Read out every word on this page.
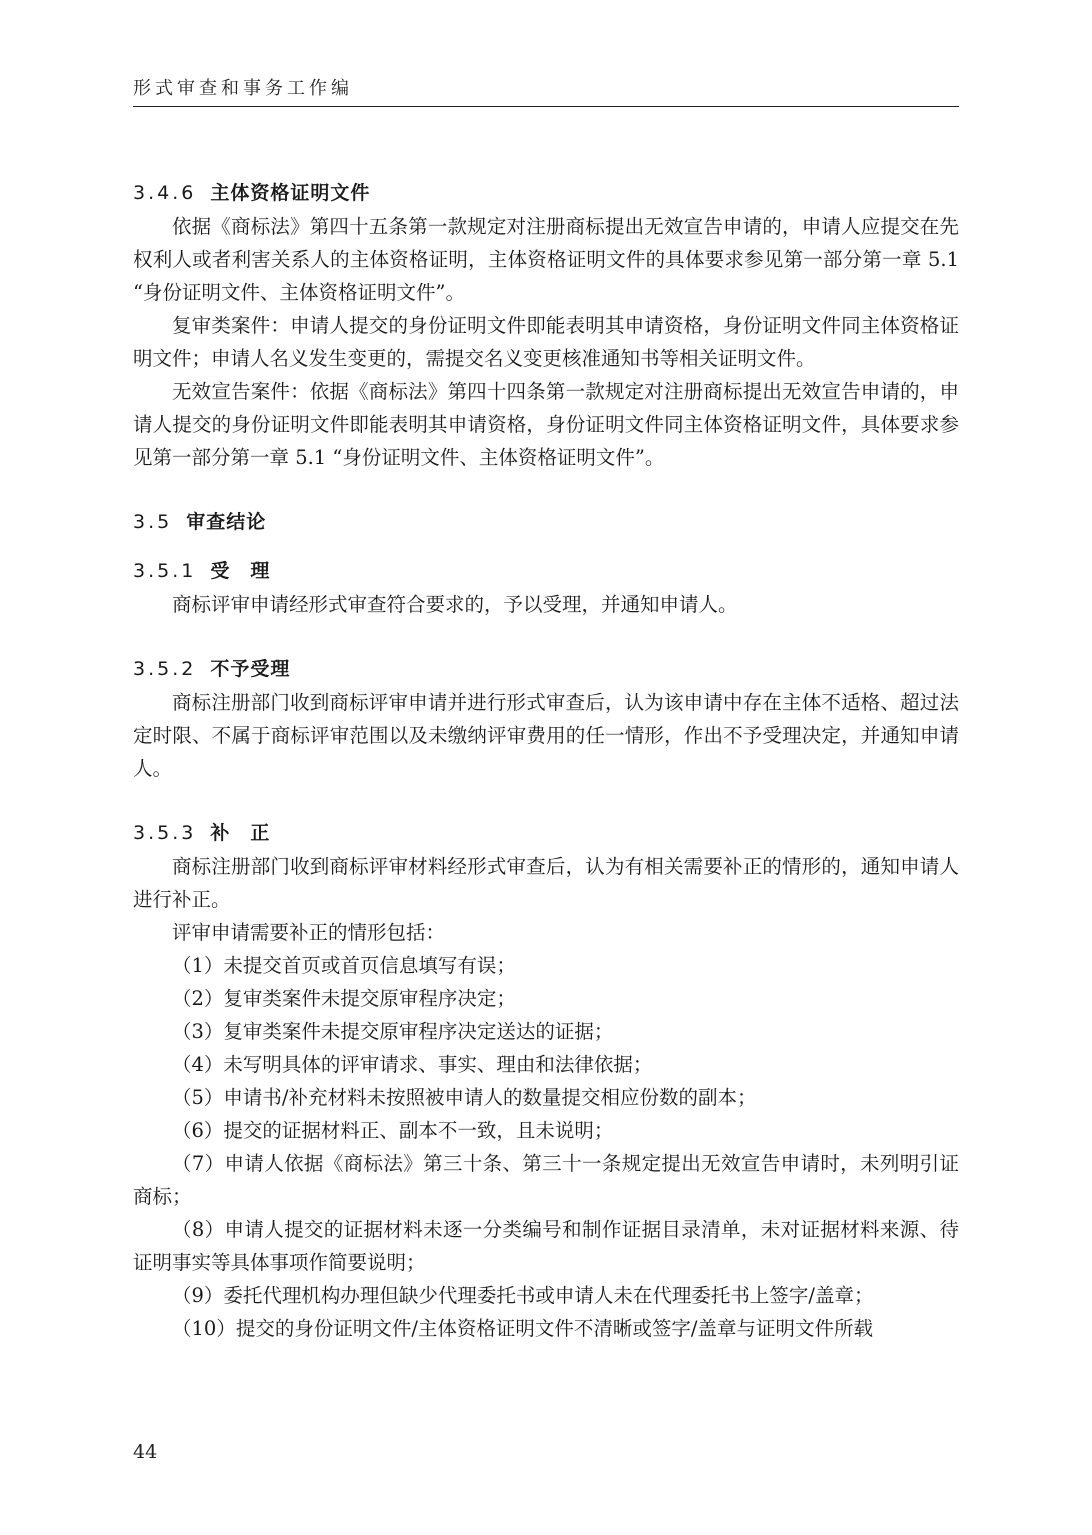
形式审查和事务工作编
3.4.6 主体资格证明文件

依据《商标法》第四十五条第一款规定对注册商标提出无效宣告申请的，申请人应提交在先权利人或者利害关系人的主体资格证明，主体资格证明文件的具体要求参见第一部分第一章 5.1 “身份证明文件、主体资格证明文件”。

复审类案件：申请人提交的身份证明文件即能表明其申请资格，身份证明文件同主体资格证明文件；申请人名义发生变更的，需提交名义变更核准通知书等相关证明文件。

无效宣告案件：依据《商标法》第四十四条第一款规定对注册商标提出无效宣告申请的，申请人提交的身份证明文件即能表明其申请资格，身份证明文件同主体资格证明文件，具体要求参见第一部分第一章 5.1 “身份证明文件、主体资格证明文件”。

3.5 审查结论
3.5.1 受　理

商标评审申请经形式审查符合要求的，予以受理，并通知申请人。

3.5.2 不予受理

商标注册部门收到商标评审申请并进行形式审查后，认为该申请中存在主体不适格、超过法定时限、不属于商标评审范围以及未缴纳评审费用的任一情形，作出不予受理决定，并通知申请人。

3.5.3 补　正

商标注册部门收到商标评审材料经形式审查后，认为有相关需要补正的情形的，通知申请人进行补正。

评审申请需要补正的情形包括：

（1）未提交首页或首页信息填写有误；

（2）复审类案件未提交原审程序决定；

（3）复审类案件未提交原审程序决定送达的证据；

（4）未写明具体的评审请求、事实、理由和法律依据；

（5）申请书/补充材料未按照被申请人的数量提交相应份数的副本；

（6）提交的证据材料正、副本不一致，且未说明；

（7）申请人依据《商标法》第三十条、第三十一条规定提出无效宣告申请时，未列明引证商标；

（8）申请人提交的证据材料未逐一分类编号和制作证据目录清单，未对证据材料来源、待证明事实等具体事项作简要说明；

（9）委托代理机构办理但缺少代理委托书或申请人未在代理委托书上签字/盖章；

（10）提交的身份证明文件/主体资格证明文件不清晰或签字/盖章与证明文件所载

44
